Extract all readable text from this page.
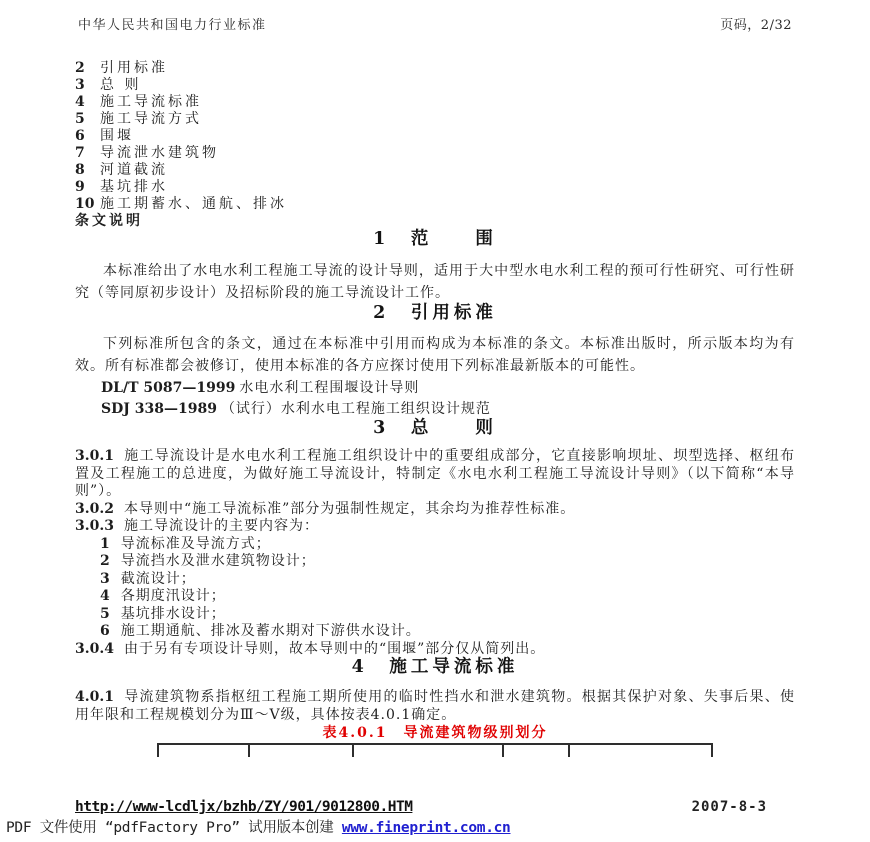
中华人民共和国电力行业标准	页码，2/32
2 引用标准
3 总 则
4 施工导流标准
5 施工导流方式
6 围堰
7 导流泄水建筑物
8 河道截流
9 基坑排水
10 施工期蓄水、通航、排冰
条文说明
1　范　　围

本标准给出了水电水利工程施工导流的设计导则，适用于大中型水电水利工程的预可行性研究、可行性研究（等同原初步设计）及招标阶段的施工导流设计工作。

2　引用标准

下列标准所包含的条文，通过在本标准中引用而构成为本标准的条文。本标准出版时，所示版本均为有效。所有标准都会被修订，使用本标准的各方应探讨使用下列标准最新版本的可能性。

DL/T 5087—1999 水电水利工程围堰设计导则
SDJ 338—1989 （试行）水利水电工程施工组织设计规范
3　总　　则

3.0.1 施工导流设计是水电水利工程施工组织设计中的重要组成部分，它直接影响坝址、坝型选择、枢纽布置及工程施工的总进度，为做好施工导流设计，特制定《水电水利工程施工导流设计导则》（以下简称“本导则”）。

3.0.2 本导则中“施工导流标准”部分为强制性规定，其余均为推荐性标准。

3.0.3 施工导流设计的主要内容为：

1 导流标准及导流方式；
2 导流挡水及泄水建筑物设计；
3 截流设计；
4 各期度汛设计；
5 基坑排水设计；
6 施工期通航、排冰及蓄水期对下游供水设计。

3.0.4 由于另有专项设计导则，故本导则中的“围堰”部分仅从简列出。

4　施工导流标准

4.0.1 导流建筑物系指枢纽工程施工期所使用的临时性挡水和泄水建筑物。根据其保护对象、失事后果、使用年限和工程规模划分为Ⅲ～Ⅴ级，具体按表4.0.1确定。

表4.0.1　导流建筑物级别划分
http://www-lcdljx/bzhb/ZY/901/9012800.HTM	2007-8-3
PDF 文件使用 “pdfFactory Pro” 试用版本创建 www.fineprint.com.cn
